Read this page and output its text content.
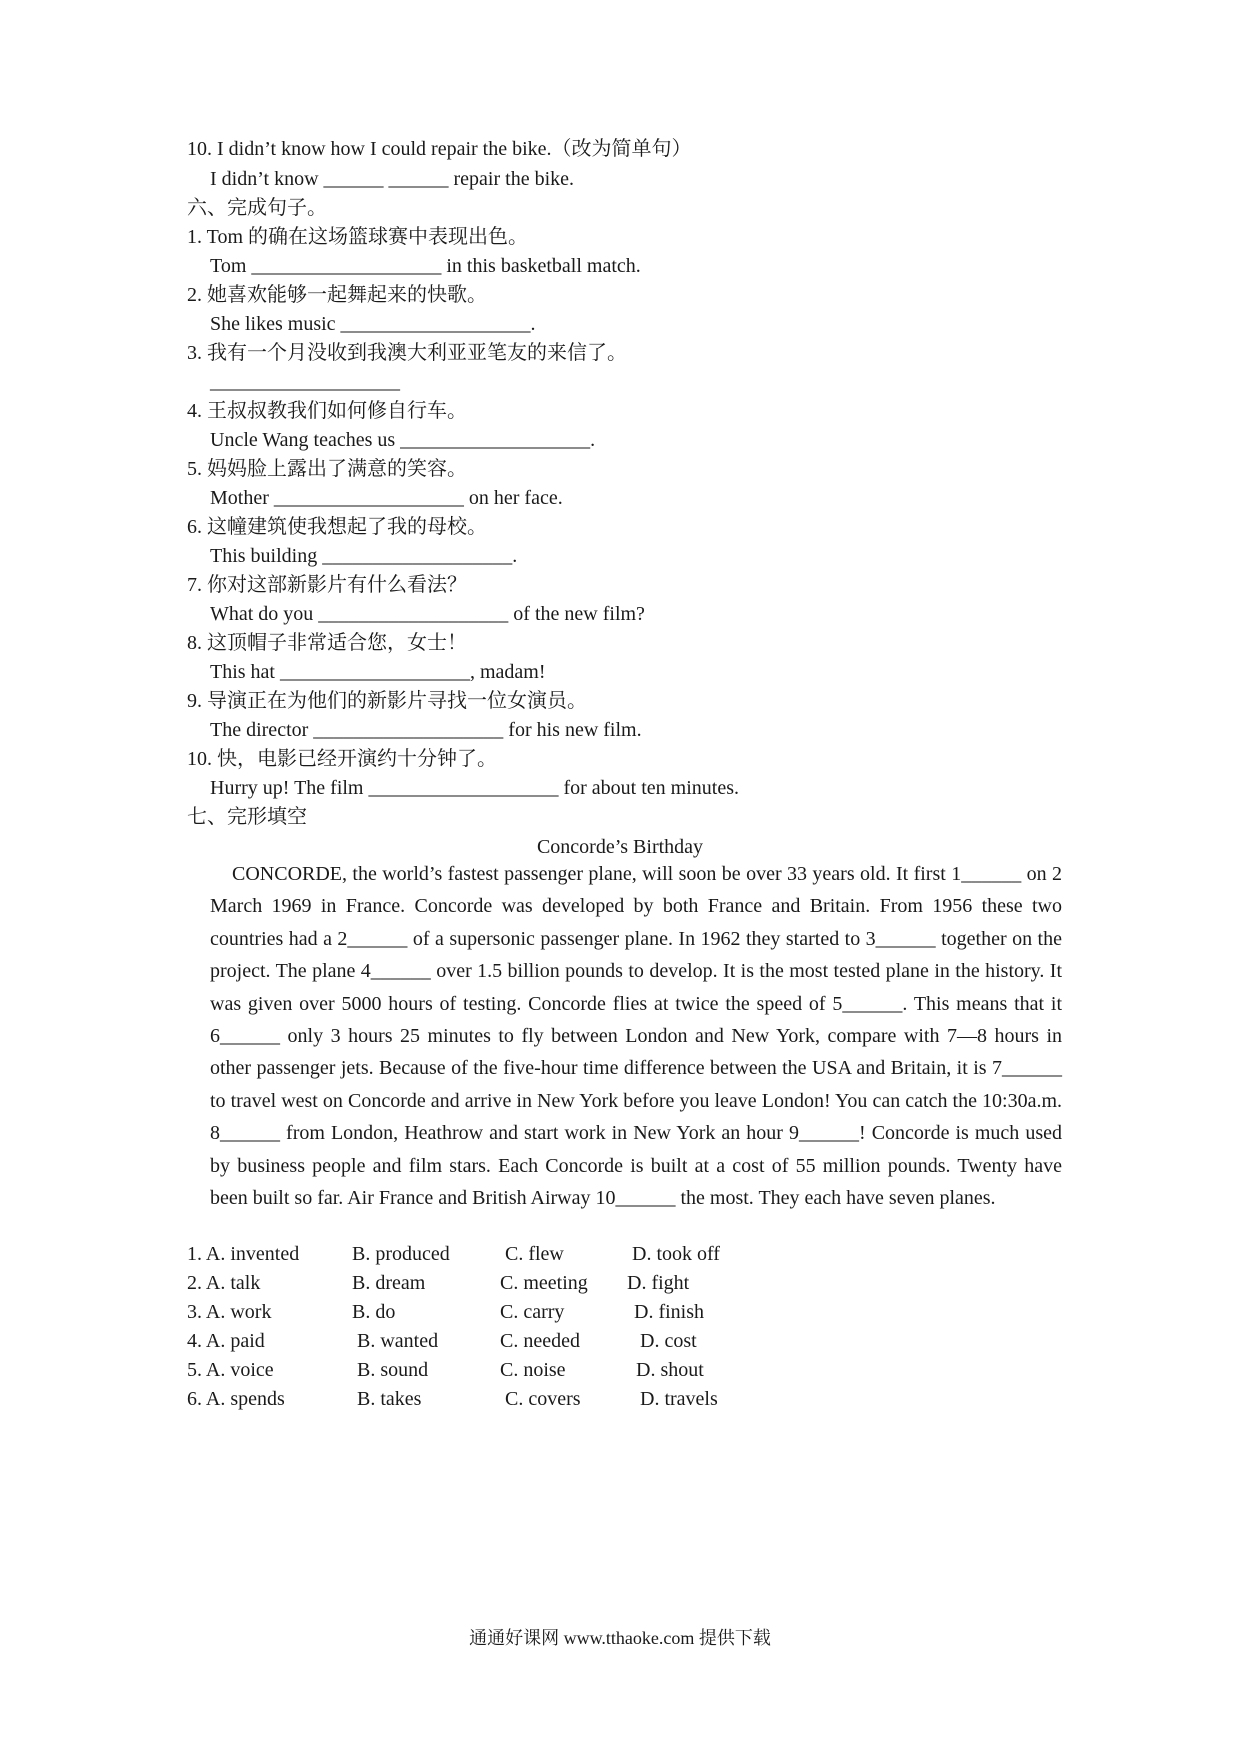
10. I didn’t know how I could repair the bike.（改为简单句）
I didn’t know ______ ______ repair the bike.
六、完成句子。
1. Tom 的确在这场篮球赛中表现出色。
Tom ___________________ in this basketball match.
2. 她喜欢能够一起舞起来的快歌。
She likes music ___________________.
3. 我有一个月没收到我澳大利亚亚笔友的来信了。
___________________
4. 王叔叔教我们如何修自行车。
Uncle Wang teaches us ___________________.
5. 妈妈脸上露出了满意的笑容。
Mother ___________________ on her face.
6. 这幢建筑使我想起了我的母校。
This building ___________________.
7. 你对这部新影片有什么看法？
What do you ___________________ of the new film?
8. 这顶帽子非常适合您，女士！
This hat ___________________, madam!
9. 导演正在为他们的新影片寻找一位女演员。
The director ___________________ for his new film.
10. 快，电影已经开演约十分钟了。
Hurry up! The film ___________________ for about ten minutes.
七、完形填空
Concorde’s Birthday
CONCORDE, the world’s fastest passenger plane, will soon be over 33 years old. It first 1______ on 2 March 1969 in France. Concorde was developed by both France and Britain. From 1956 these two countries had a 2______ of a supersonic passenger plane. In 1962 they started to 3______ together on the project. The plane 4______ over 1.5 billion pounds to develop. It is the most tested plane in the history. It was given over 5000 hours of testing. Concorde flies at twice the speed of 5______. This means that it 6______ only 3 hours 25 minutes to fly between London and New York, compare with 7—8 hours in other passenger jets. Because of the five-hour time difference between the USA and Britain, it is 7______ to travel west on Concorde and arrive in New York before you leave London! You can catch the 10:30a.m. 8______ from London, Heathrow and start work in New York an hour 9______! Concorde is much used by business people and film stars. Each Concorde is built at a cost of 55 million pounds. Twenty have been built so far. Air France and British Airway 10______ the most. They each have seven planes.
1. A. invented	B. produced	C. flew	D. took off
2. A. talk	B. dream	C. meeting D. fight
3. A. work	B. do	C. carry	D. finish
4. A. paid	B. wanted	C. needed	D. cost
5. A. voice	B. sound	C. noise	D. shout
6. A. spends	B. takes	C. covers	D. travels
通通好课网 www.tthaoke.com 提供下载
